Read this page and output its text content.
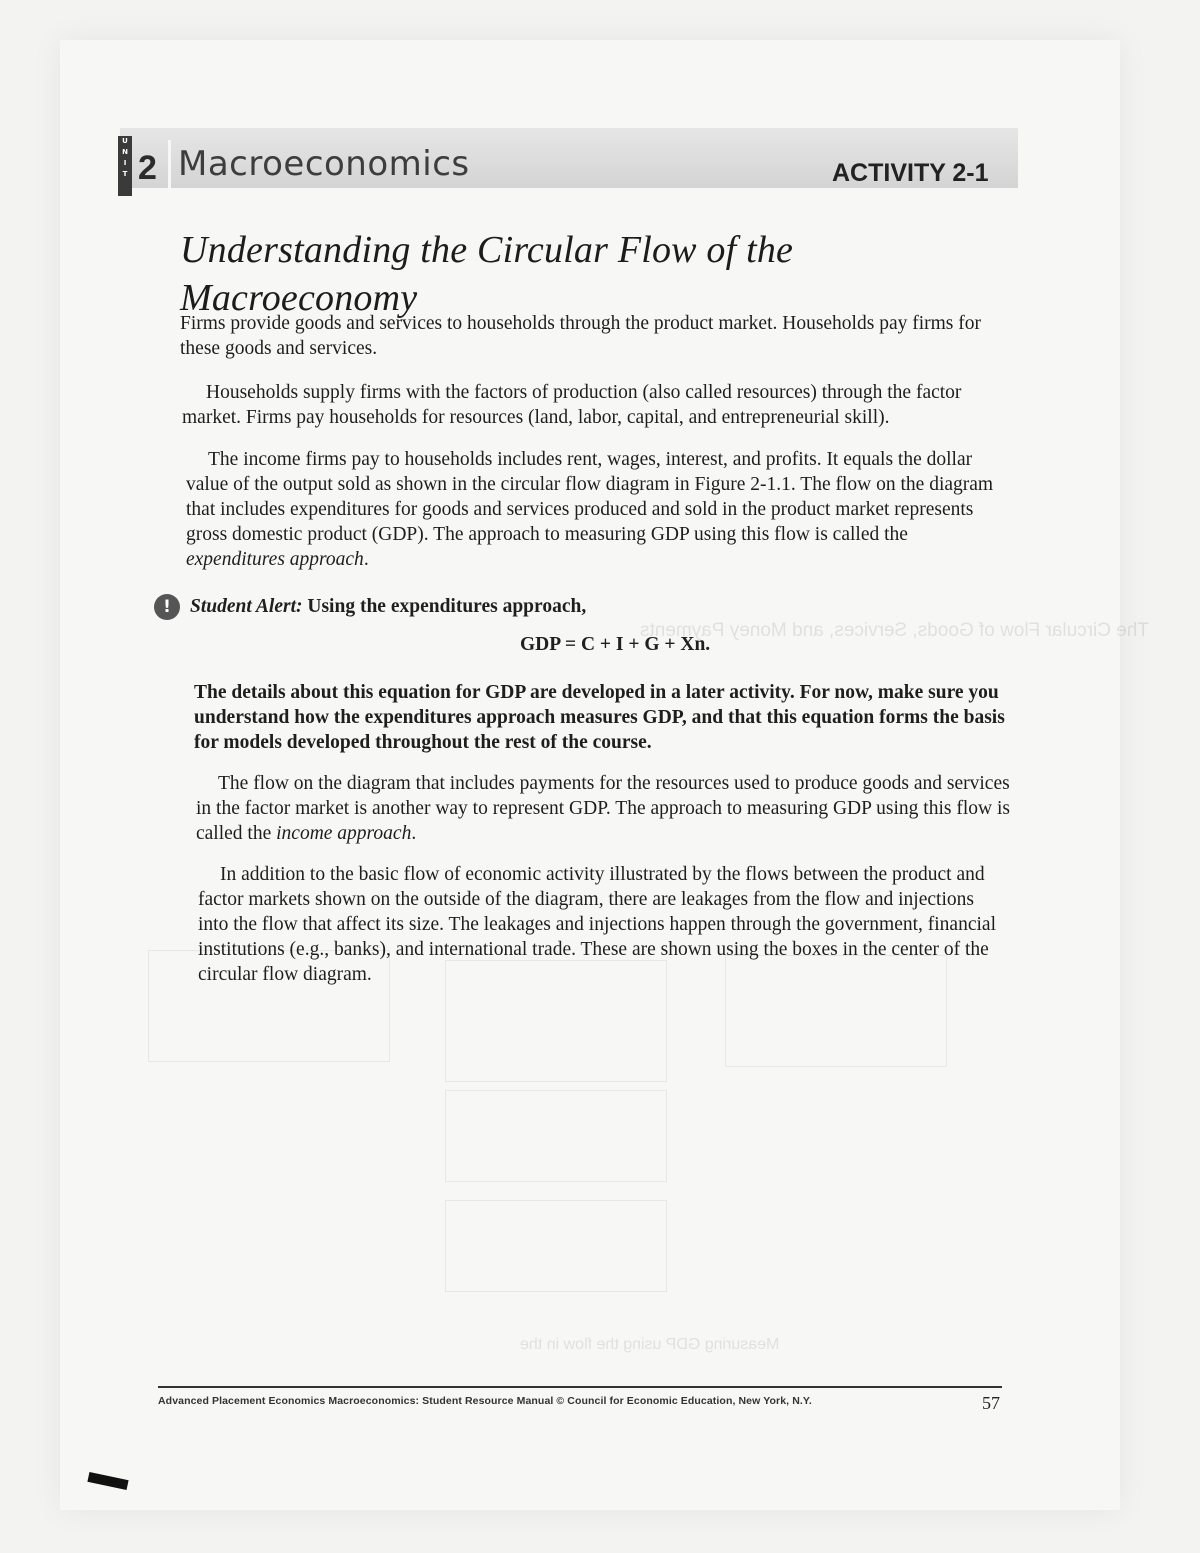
The Circular Flow of Goods, Services, and Money Payments
Measuring GDP using the flow in the
U
N
I
T 2 Macroeconomics	ACTIVITY 2-1
Understanding the Circular Flow of the Macroeconomy
Firms provide goods and services to households through the product market. Households pay firms for these goods and services.
Households supply firms with the factors of production (also called resources) through the factor market. Firms pay households for resources (land, labor, capital, and entrepreneurial skill).
The income firms pay to households includes rent, wages, interest, and profits. It equals the dollar value of the output sold as shown in the circular flow diagram in Figure 2-1.1. The flow on the diagram that includes expenditures for goods and services produced and sold in the product market represents gross domestic product (GDP). The approach to measuring GDP using this flow is called the expenditures approach.
! Student Alert: Using the expenditures approach,
GDP = C + I + G + Xn.
The details about this equation for GDP are developed in a later activity. For now, make sure you understand how the expenditures approach measures GDP, and that this equation forms the basis for models developed throughout the rest of the course.
The flow on the diagram that includes payments for the resources used to produce goods and services in the factor market is another way to represent GDP. The approach to measuring GDP using this flow is called the income approach.
In addition to the basic flow of economic activity illustrated by the flows between the product and factor markets shown on the outside of the diagram, there are leakages from the flow and injections into the flow that affect its size. The leakages and injections happen through the government, financial institutions (e.g., banks), and international trade. These are shown using the boxes in the center of the circular flow diagram.
Advanced Placement Economics Macroeconomics: Student Resource Manual © Council for Economic Education, New York, N.Y.	57
